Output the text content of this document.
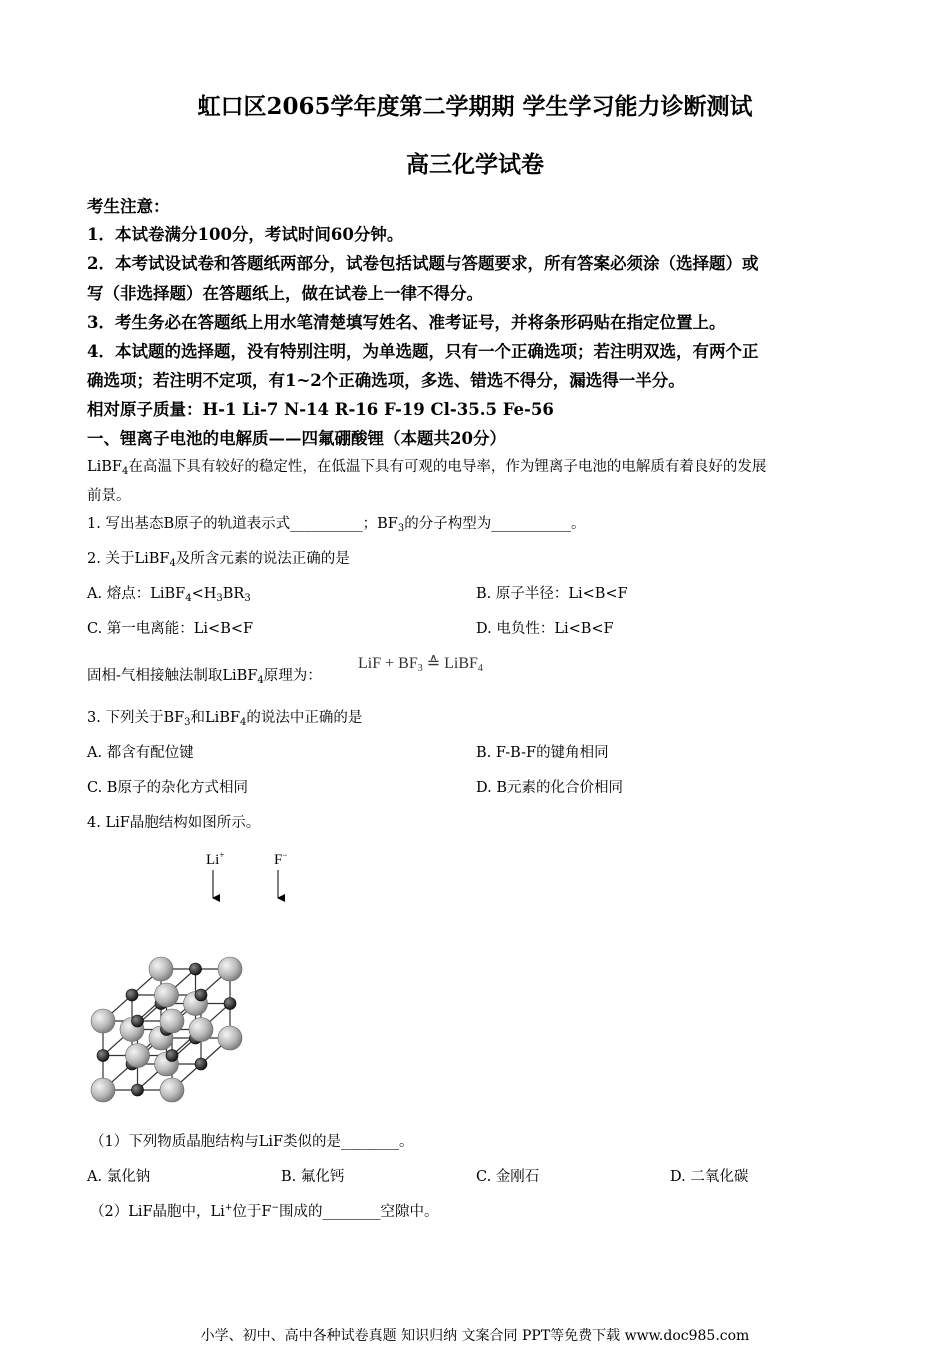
虹口区2065学年度第二学期期 学生学习能力诊断测试
高三化学试卷
考生注意：
1．本试卷满分100分，考试时间60分钟。
2．本考试设试卷和答题纸两部分，试卷包括试题与答题要求，所有答案必须涂（选择题）或
写（非选择题）在答题纸上，做在试卷上一律不得分。
3．考生务必在答题纸上用水笔清楚填写姓名、准考证号，并将条形码贴在指定位置上。
4．本试题的选择题，没有特别注明，为单选题，只有一个正确选项；若注明双选，有两个正
确选项；若注明不定项，有1~2个正确选项，多选、错选不得分，漏选得一半分。
相对原子质量：H-1 Li-7 N-14 R-16 F-19 Cl-35.5 Fe-56
一、锂离子电池的电解质——四氟硼酸锂（本题共20分）
LiBF$_4$在高温下具有较好的稳定性，在低温下具有可观的电导率，作为锂离子电池的电解质有着良好的发展
前景。
1. 写出基态B原子的轨道表示式__________；$BF_3$的分子构型为___________。
2. 关于LiBF$_4$及所含元素的说法正确的是
A. 熔点：$LiBF_4<H_3BR_3$	B. 原子半径：Li<B<F
C. 第一电离能：Li<B<F	D. 电负性：Li<B<F
固相-气相接触法制取LiBF$_4$原理为：
LiF + $BF_3$ ≙ LiBF$_4$
3. 下列关于$BF_3$和LiBF$_4$的说法中正确的是
A. 都含有配位键	B. F-B-F的键角相同
C. B原子的杂化方式相同	D. B元素的化合价相同
4. LiF晶胞结构如图所示。
Li+	F−
（1）下列物质晶胞结构与LiF类似的是________。
A. 氯化钠	B. 氟化钙	C. 金刚石	D. 二氧化碳
（2）LiF晶胞中，Li+位于F−围成的________空隙中。
小学、初中、高中各种试卷真题 知识归纳 文案合同 PPT等免费下载 www.doc985.com
